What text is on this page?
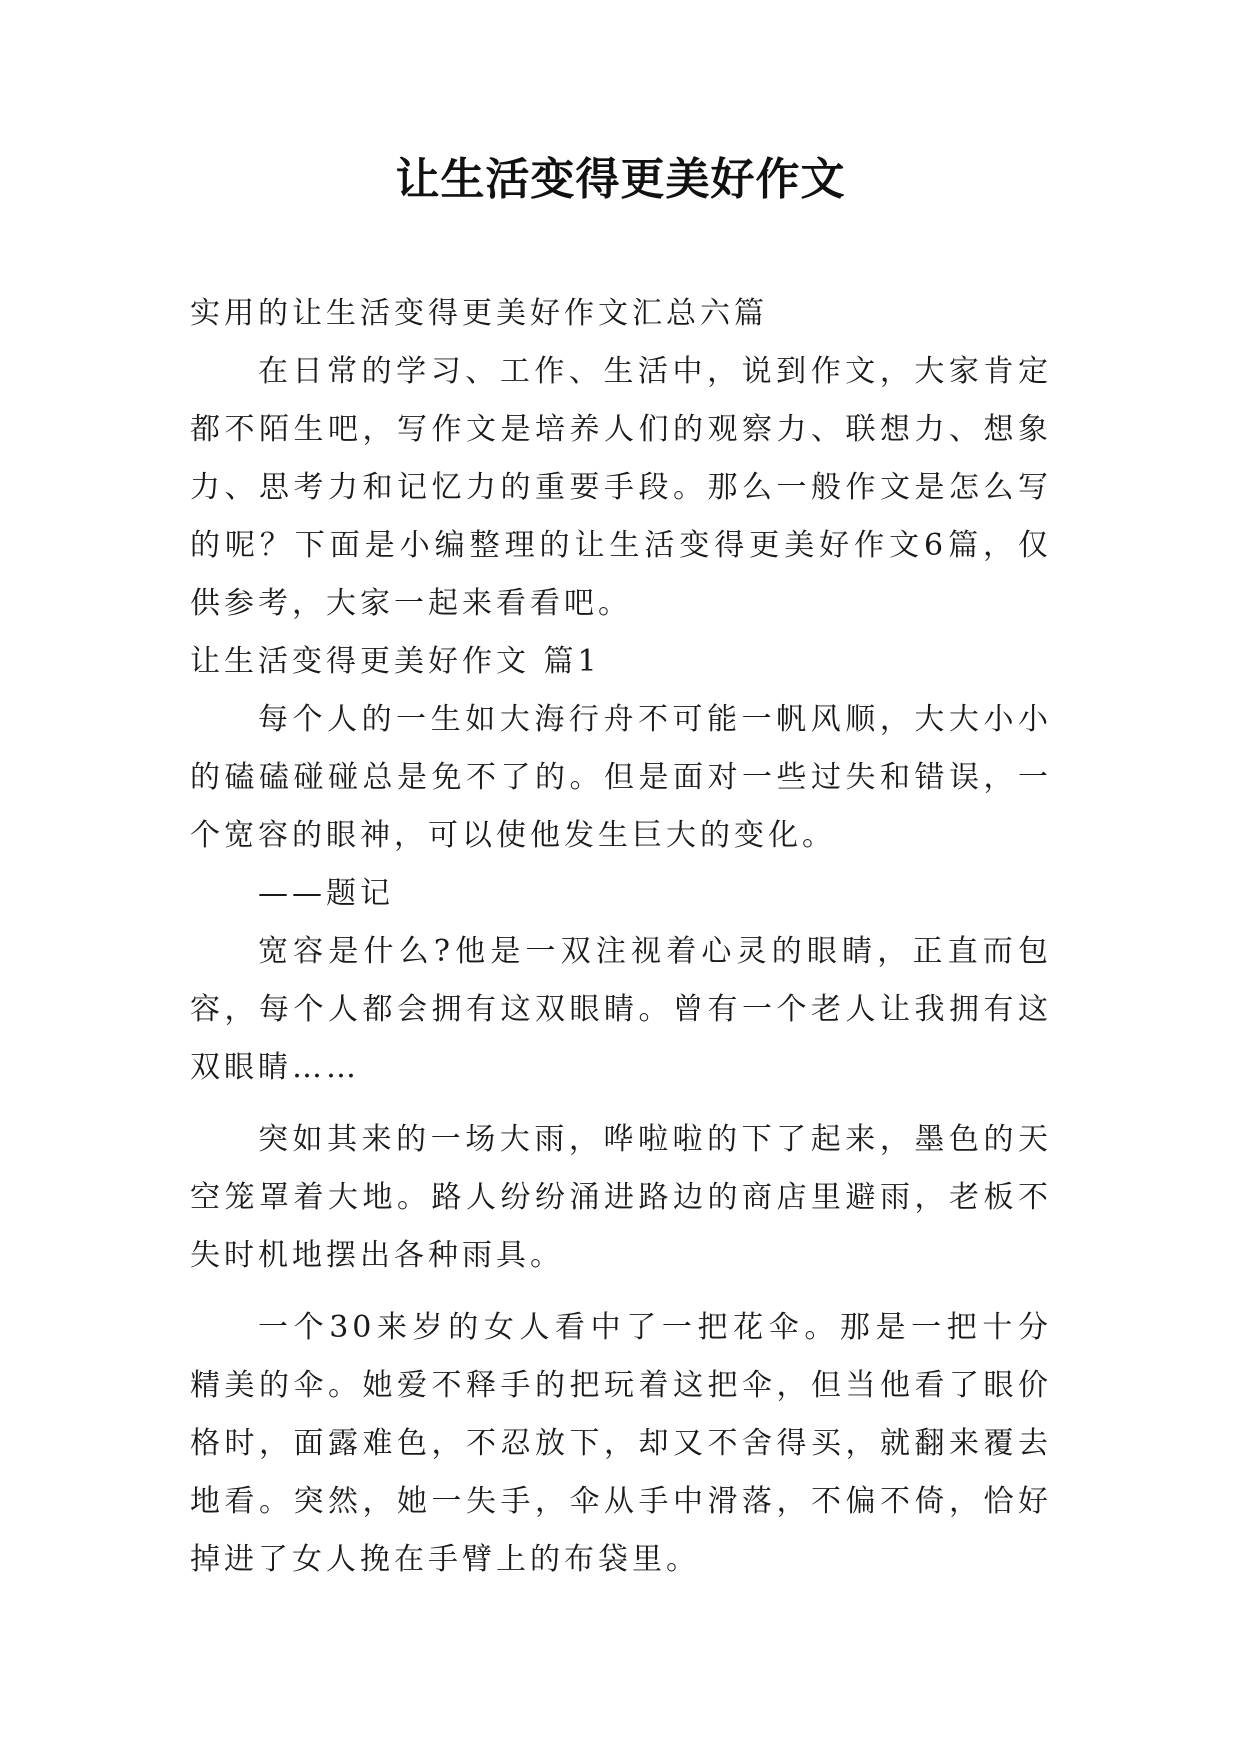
让生活变得更美好作文

实用的让生活变得更美好作文汇总六篇

在日常的学习、工作、生活中，说到作文，大家肯定都不陌生吧，写作文是培养人们的观察力、联想力、想象力、思考力和记忆力的重要手段。那么一般作文是怎么写的呢？下面是小编整理的让生活变得更美好作文6篇，仅供参考，大家一起来看看吧。

让生活变得更美好作文 篇1

每个人的一生如大海行舟不可能一帆风顺，大大小小的磕磕碰碰总是免不了的。但是面对一些过失和错误，一个宽容的眼神，可以使他发生巨大的变化。

——题记

宽容是什么?他是一双注视着心灵的眼睛，正直而包容，每个人都会拥有这双眼睛。曾有一个老人让我拥有这双眼睛……

突如其来的一场大雨，哗啦啦的下了起来，墨色的天空笼罩着大地。路人纷纷涌进路边的商店里避雨，老板不失时机地摆出各种雨具。

一个30来岁的女人看中了一把花伞。那是一把十分精美的伞。她爱不释手的把玩着这把伞，但当他看了眼价格时，面露难色，不忍放下，却又不舍得买，就翻来覆去地看。突然，她一失手，伞从手中滑落，不偏不倚，恰好掉进了女人挽在手臂上的布袋里。
